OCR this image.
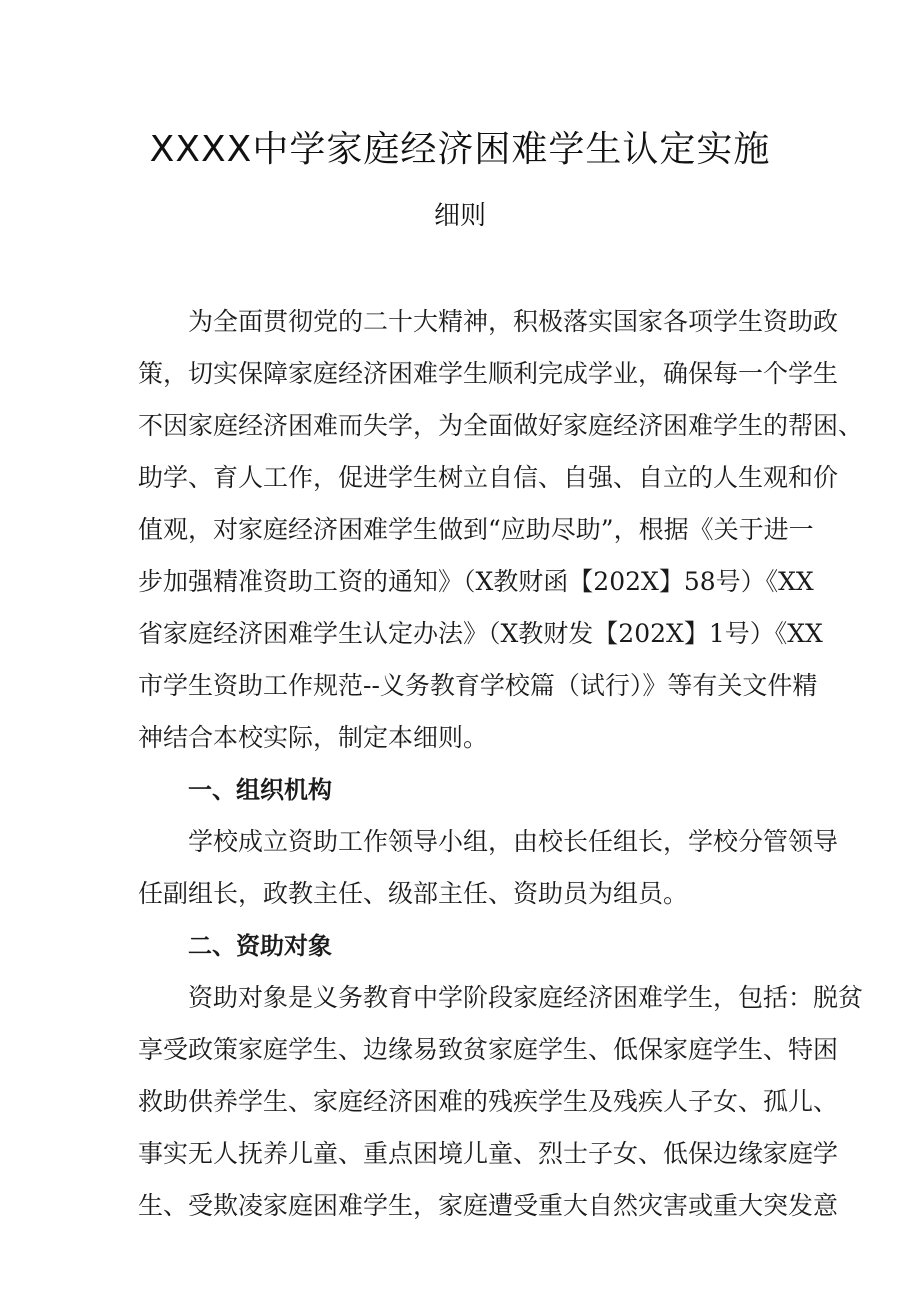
XXXX中学家庭经济困难学生认定实施
细则
为全面贯彻党的二十大精神，积极落实国家各项学生资助政
策，切实保障家庭经济困难学生顺利完成学业，确保每一个学生
不因家庭经济困难而失学，为全面做好家庭经济困难学生的帮困、
助学、育人工作，促进学生树立自信、自强、自立的人生观和价
值观，对家庭经济困难学生做到“应助尽助”，根据《关于进一
步加强精准资助工资的通知》（X教财函【202X】58号）《XX
省家庭经济困难学生认定办法》（X教财发【202X】1号）《XX
市学生资助工作规范--义务教育学校篇（试行）》等有关文件精
神结合本校实际，制定本细则。
一、组织机构
学校成立资助工作领导小组，由校长任组长，学校分管领导
任副组长，政教主任、级部主任、资助员为组员。
二、资助对象
资助对象是义务教育中学阶段家庭经济困难学生，包括：脱贫
享受政策家庭学生、边缘易致贫家庭学生、低保家庭学生、特困
救助供养学生、家庭经济困难的残疾学生及残疾人子女、孤儿、
事实无人抚养儿童、重点困境儿童、烈士子女、低保边缘家庭学
生、受欺凌家庭困难学生，家庭遭受重大自然灾害或重大突发意
